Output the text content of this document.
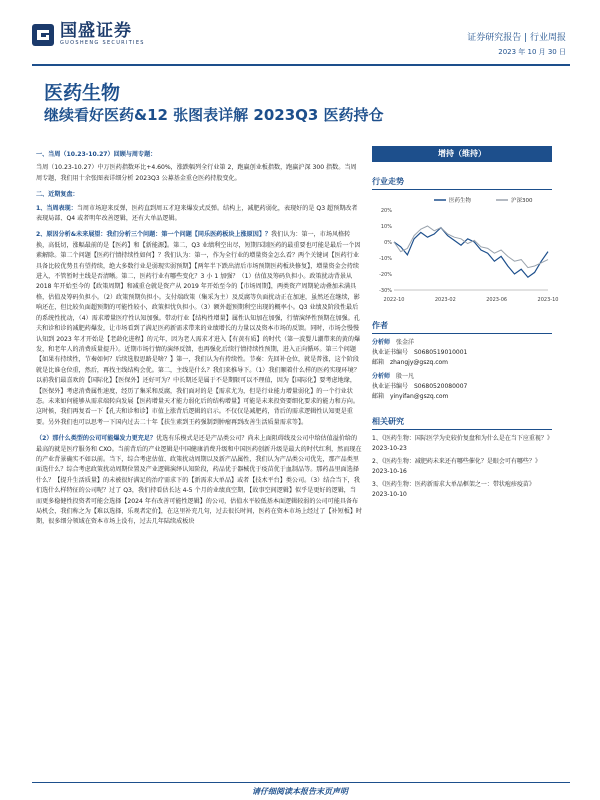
国盛证券
GUOSHENG SECURITIES	证券研究报告 | 行业周报
2023 年 10 月 30 日
医药生物
继续看好医药&12 张图表详解 2023Q3 医药持仓

一、当周（10.23-10.27）回顾与周专题：

当周（10.23-10.27）中万医药指数环比+4.60%，涨跌幅列全行业第 2，跑赢创业板指数，跑赢沪深 300 指数。当周周专题，我们用十余张图表详细分析 2023Q3 公募基金重仓医药持股变化。

二、近期复盘：

1、当周表现：当周市场迎来反弹，医药直到周五才迎来爆发式反弹。结构上，减肥药弱化，表现好的是 Q3 超预期改者表现局部、Q4 或者明年改善逻辑，还有大单品逻辑。

2、原因分析&未来展望：我们分析三个问题：第一个问题【同乐医药板块上涨原因】？我们认为：第一，市场风格转换，高低切，涨幅最前的是【医药】和【新能源】。第二，Q3 业绩利空出尽，短期压制医药的最重要也可能是最后一个因素解除。第二个问题【医药行情持续性如何】？我们认为：第一，作为全行业的增量资金怎么看？两个关键词【医药行业具备比较优势且有望持续，绝大多数行业是弱现实弱预期】【两年半下跌出清后市场预期医药板块修复】，增量资金会持续进入，不管暂时主线是否清晰。第二，医药行业有哪些变化？3 小 1 加强？（1）估值及筹码负担小。政策扰动背景从 2018 年开始至今的【政策周期】和减重仓就是资产从 2019 年开始至今的【市场周期】，两类资产周期轮动叠加未满具格，估值及筹码负担小。（2）政策预期负担小。支付端政策（集采为主）及反腐等负面扰动正在加速，虽然还在继续，影响还在，但比较负面超预期的可能性较小，政策担忧负担小。（3）额外超预期利空出现的概率小。Q3 业绩及阶段性最后的系统性扰动，（4）需求增量医疗性认知加强。带动行业【结构性增量】属性认知加在加强，行情演绎性预期在加强。孔夫和诊和诊的减肥药爆发，让市场看到了满足医药新需求带来的业绩增长的力量以及资本市场的反馈。同时，市场会慢慢认知到 2023 年才开始是【老龄化进程】的元年，因为老人需求才进入【有黄有质】的时代（第一波婴儿潮带来的黄的爆发，和老年人的消费质量提升）。近期市场行情的演绎反馈，也再强化后续行情持续性预期，进入正向循环。第三个问题【如果有持续性，节奏如何？后续选股思路是啥？】第一，我们认为有持续性。节奏：先回补仓位，就是普涨，这个阶段就是比谁仓位重，然后，再找主线结构会优。第二，主线是什么？我们来推导下。（1）我们顺着什么样的医药实现环境？以前我们最喜欢的【国际化】【医保外】还好可为？中长期还是属于不是期限可以不理值，因为【国际化】要考虑地缘，【医保外】考虑消费属性速度，经历了集采和反腐，我们面对的是【需求尤为，但是行业能力增量弱化】的一个行业状态。未来如何能够从需求端转向发展【医药增量天才能力弱化后的结构增量】可能是未来投资要细化要求的能力和方向。这时候，我们再复看一下【孔夫和诊和诊】市值上涨背后逻辑的启示。不仅仅是减肥药，背后的需求逻辑性认知更是重要。另外我们也可以思考一下国内过去二十年【扶生素到王药强制到肿瘤再到改善生活质量需求等】。

（2）那什么类型的公司可能爆发力更充足？优选有乐模式是还是产品类公司？尚未上面阻碍线及公司中给估值溢价给的最高的就是医疗服务和 CXO。当前背后的产业逻辑是中国健康消费升级和中国医药创新升级是最大的时代红利，然而现在的产业背景确实不如以前。当下，综合考虑估值、政策扰动周期以及新产品属性，我们认为产品类公司优先，那产品类里面选什么？综合考虑政策扰动周期位置及产业逻辑演绎认知阶段，药品优于器械优于疫苗优于血制品等。那药品里面选择什么？【提升生活质量】的未被很好满足的治疗需求下的【新需求大单品】或者【技术平台】类公司。（3）结合当下，我们选什么样特征的公司呢？过了 Q3，我们持看估长达 4-5 个月的业绩真空期，【故事空间逻辑】似乎是更好的逻辑，当而更多稳健性投资者可能会选择【2024 年有改善可能性逻辑】的公司，估值水平较低基本面逻辑较弱的公司可能具备布局机会，我们称之为【难以选择，乐观者定价】，在这里补充几句，过去很长时间，医药在资本市场上经过了【补短板】时期，很多细分领域在资本市场上没有，过去几年陆续成板块

增持（维持）
行业走势
20%
10%
0%
-10%
-20%
-30%
2022-10	2023-02	2023-06	2023-10
医药生物	沪深300
作者
分析师 张金洋
执业证书编号 S0680519010001
邮箱 zhangjy@gszq.com
分析师 殷一凡
执业证书编号 S0680520080007
邮箱 yinyifan@gszq.com
相关研究
1、《医药生物：国际医学为史较价复盘和为什么是在当下应重视？》2023-10-23
2、《医药生物：减肥药未来还有哪些催化？是眼会可有哪些？》2023-10-16
3、《医药生物：医药新需求大单品框架之一：带状疱疹疫苗》2023-10-10
请仔细阅读本报告末页声明
